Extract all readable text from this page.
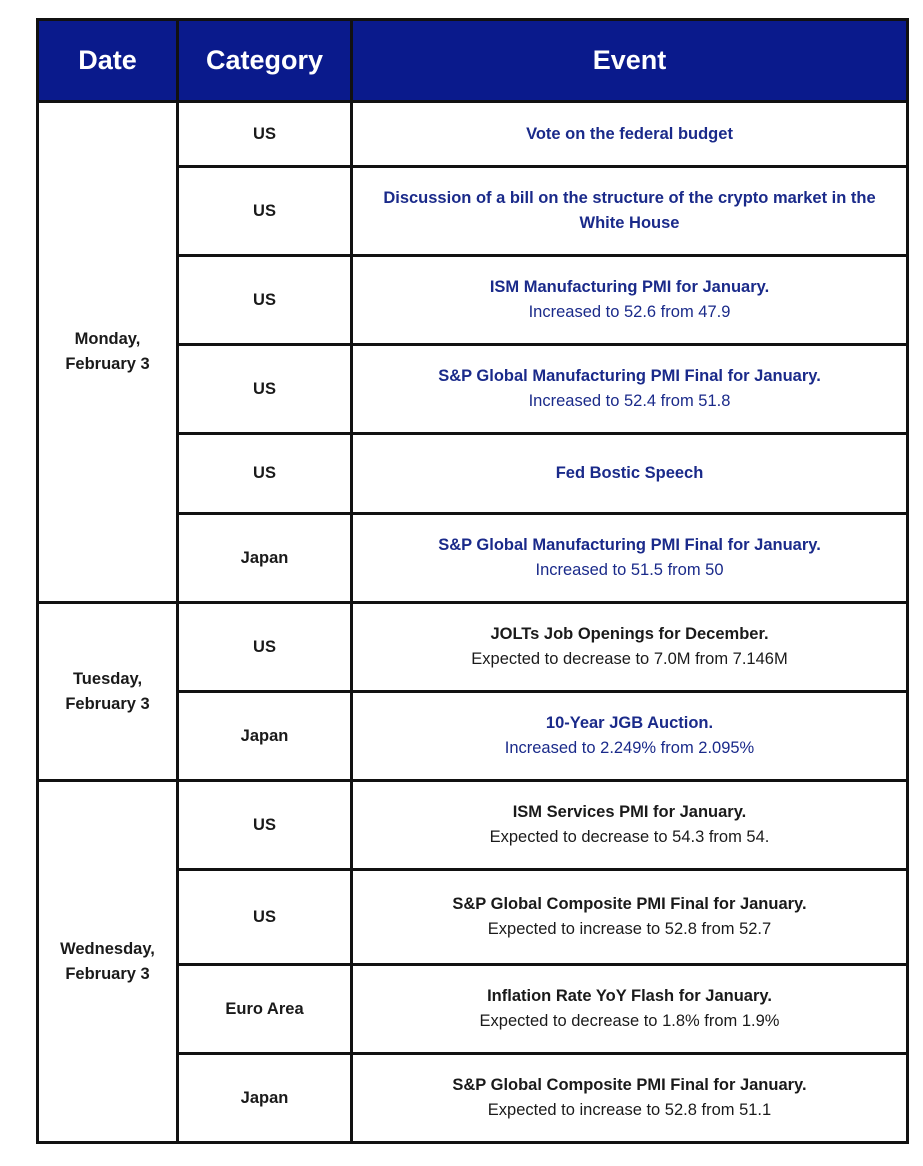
Date	Category	Event
Monday, February 3	US	Vote on the federal budget

	US	Discussion of a bill on the structure of the crypto market in the White House

	US	ISM Manufacturing PMI for January.
Increased to 52.6 from 47.9

	US	S&P Global Manufacturing PMI Final for January.
Increased to 52.4 from 51.8

	US	Fed Bostic Speech

	Japan	S&P Global Manufacturing PMI Final for January.
Increased to 51.5 from 50

Tuesday, February 3	US	JOLTs Job Openings for December.
Expected to decrease to 7.0M from 7.146M

	Japan	10-Year JGB Auction.
Increased to 2.249% from 2.095%

Wednesday, February 3	US	ISM Services PMI for January.
Expected to decrease to 54.3 from 54.

	US	S&P Global Composite PMI Final for January.
Expected to increase to 52.8 from 52.7

	Euro Area	Inflation Rate YoY Flash for January.
Expected to decrease to 1.8% from 1.9%

	Japan	S&P Global Composite PMI Final for January.
Expected to increase to 52.8 from 51.1
